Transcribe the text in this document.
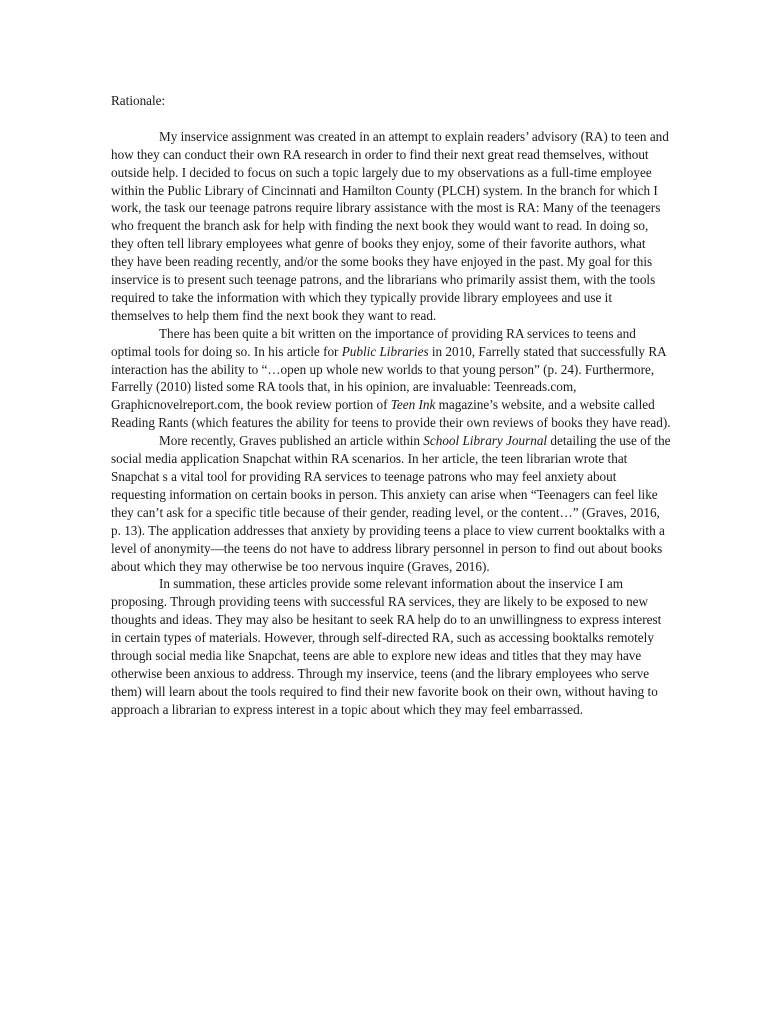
Rationale:

My inservice assignment was created in an attempt to explain readers’ advisory (RA) to teen and how they can conduct their own RA research in order to find their next great read themselves, without outside help. I decided to focus on such a topic largely due to my observations as a full-time employee within the Public Library of Cincinnati and Hamilton County (PLCH) system. In the branch for which I work, the task our teenage patrons require library assistance with the most is RA: Many of the teenagers who frequent the branch ask for help with finding the next book they would want to read. In doing so, they often tell library employees what genre of books they enjoy, some of their favorite authors, what they have been reading recently, and/or the some books they have enjoyed in the past. My goal for this inservice is to present such teenage patrons, and the librarians who primarily assist them, with the tools required to take the information with which they typically provide library employees and use it themselves to help them find the next book they want to read.

There has been quite a bit written on the importance of providing RA services to teens and optimal tools for doing so. In his article for Public Libraries in 2010, Farrelly stated that successfully RA interaction has the ability to “…open up whole new worlds to that young person” (p. 24). Furthermore, Farrelly (2010) listed some RA tools that, in his opinion, are invaluable: Teenreads.com, Graphicnovelreport.com, the book review portion of Teen Ink magazine’s website, and a website called Reading Rants (which features the ability for teens to provide their own reviews of books they have read).

More recently, Graves published an article within School Library Journal detailing the use of the social media application Snapchat within RA scenarios. In her article, the teen librarian wrote that Snapchat s a vital tool for providing RA services to teenage patrons who may feel anxiety about requesting information on certain books in person. This anxiety can arise when “Teenagers can feel like they can’t ask for a specific title because of their gender, reading level, or the content…” (Graves, 2016, p. 13). The application addresses that anxiety by providing teens a place to view current booktalks with a level of anonymity—the teens do not have to address library personnel in person to find out about books about which they may otherwise be too nervous inquire (Graves, 2016).

In summation, these articles provide some relevant information about the inservice I am proposing. Through providing teens with successful RA services, they are likely to be exposed to new thoughts and ideas. They may also be hesitant to seek RA help do to an unwillingness to express interest in certain types of materials. However, through self-directed RA, such as accessing booktalks remotely through social media like Snapchat, teens are able to explore new ideas and titles that they may have otherwise been anxious to address. Through my inservice, teens (and the library employees who serve them) will learn about the tools required to find their new favorite book on their own, without having to approach a librarian to express interest in a topic about which they may feel embarrassed.
